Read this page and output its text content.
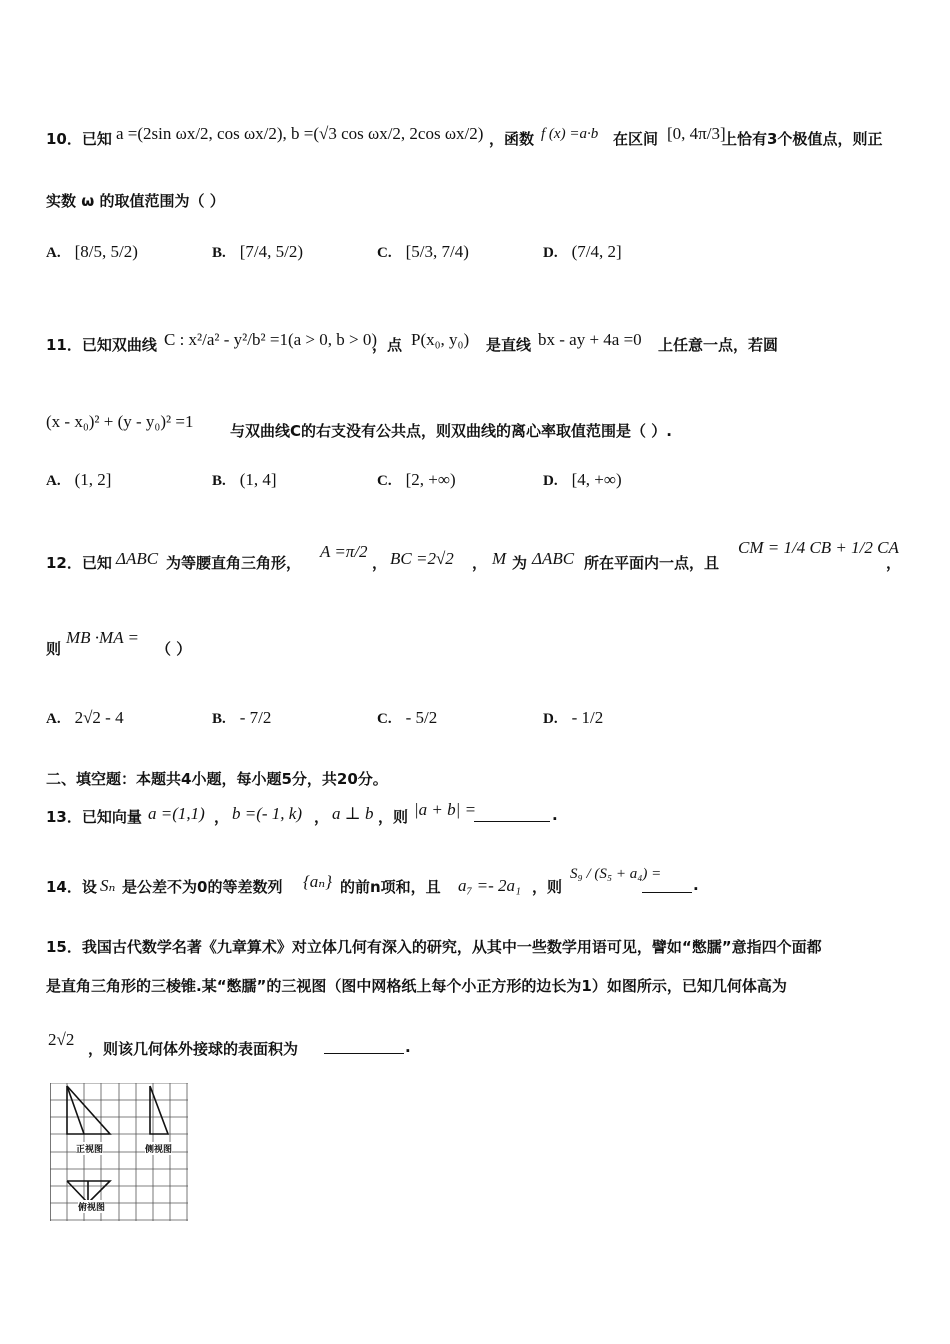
10．已知 a =(2sin ωx/2, cos ωx/2), b =(√3 cos ωx/2, 2cos ωx/2) ，函数 f (x) =a·b 在区间 [0, 4π/3]
上恰有3个极值点，则正
实数 ω 的取值范围为（ ）
A. [8/5, 5/2)	B. [7/4, 5/2)	C. [5/3, 7/4)	D. (7/4, 2]
11．已知双曲线 C : x²/a² - y²/b² =1(a > 0, b > 0)
，点 P(x₀, y₀) 是直线 bx - ay + 4a =0 上任意一点，若圆
(x - x₀)² + (y - y₀)² =1 与双曲线C的右支没有公共点，则双曲线的离心率取值范围是（ ）.
A. (1, 2]	B. (1, 4]	C. [2, +∞)	D. [4, +∞)
12．已知 ΔABC 为等腰直角三角形，
A =π/2
， BC =2√2 ， M 为 ΔABC 所在平面内一点，且
CM = 1/4 CB + 1/2 CA
，
则
MB ·MA =
（ ）
A. 2√2 - 4	B. - 7/2	C. - 5/2	D. - 1/2
二、填空题：本题共4小题，每小题5分，共20分。
13．已知向量 a =(1,1) ， b =(- 1, k) ， a ⊥ b ，则 |a + b| =	.
14．设 Sₙ 是公差不为0的等差数列 {aₙ} 的前n项和，且 a₇ =- 2a₁ ，则
S₉ / (S₅ + a₄) =
.
15．我国古代数学名著《九章算术》对立体几何有深入的研究，从其中一些数学用语可见，譬如“憋臑”意指四个面都
是直角三角形的三棱锥.某“憋臑”的三视图（图中网格纸上每个小正方形的边长为1）如图所示，已知几何体高为
2√2 ，则该几何体外接球的表面积为	.
正视图	侧视图
俯视图
